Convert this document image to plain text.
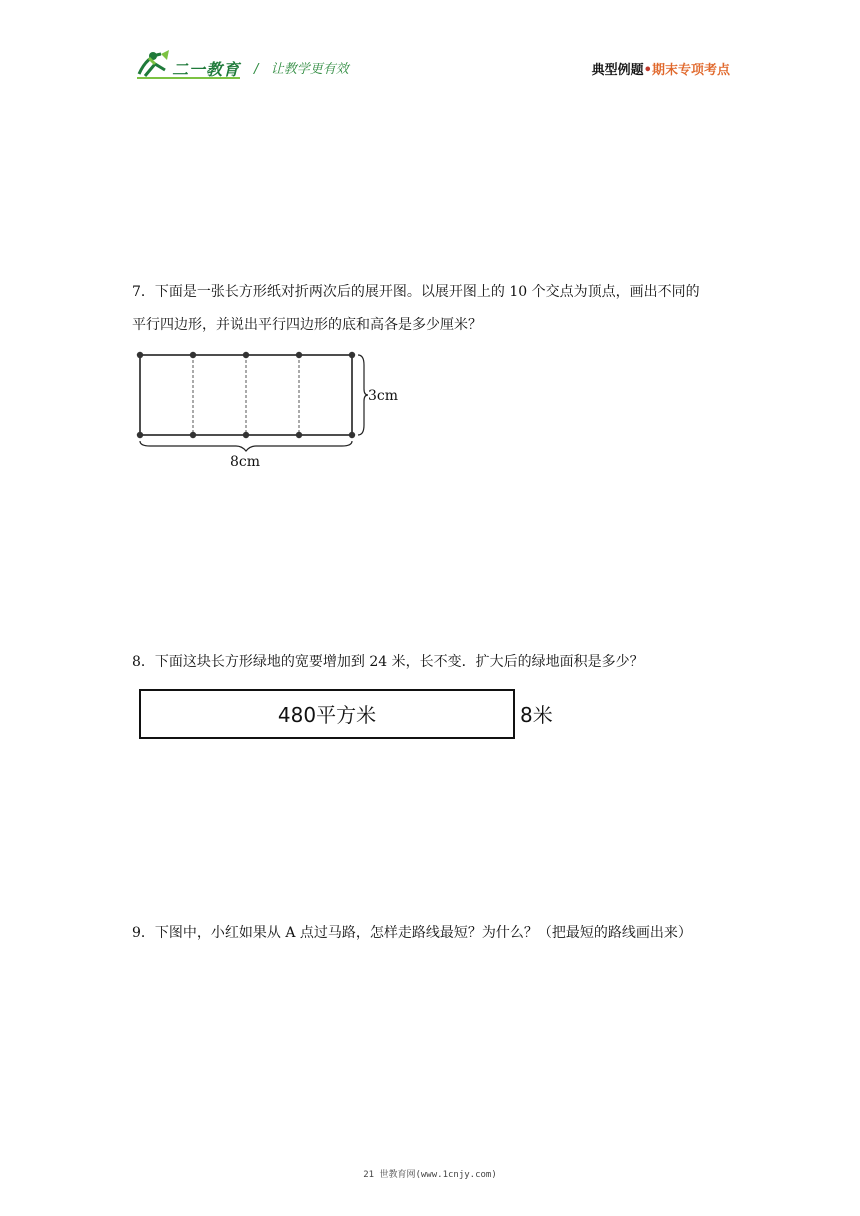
二一教育 / 让教学更有效	典型例题•期末专项考点
7．下面是一张长方形纸对折两次后的展开图。以展开图上的 10 个交点为顶点，画出不同的
平行四边形，并说出平行四边形的底和高各是多少厘米？
3cm
8cm
8．下面这块长方形绿地的宽要增加到 24 米，长不变．扩大后的绿地面积是多少？
480平方米	8米
9．下图中，小红如果从 A 点过马路，怎样走路线最短？为什么？（把最短的路线画出来）
21 世教育网(www.1cnjy.com)
